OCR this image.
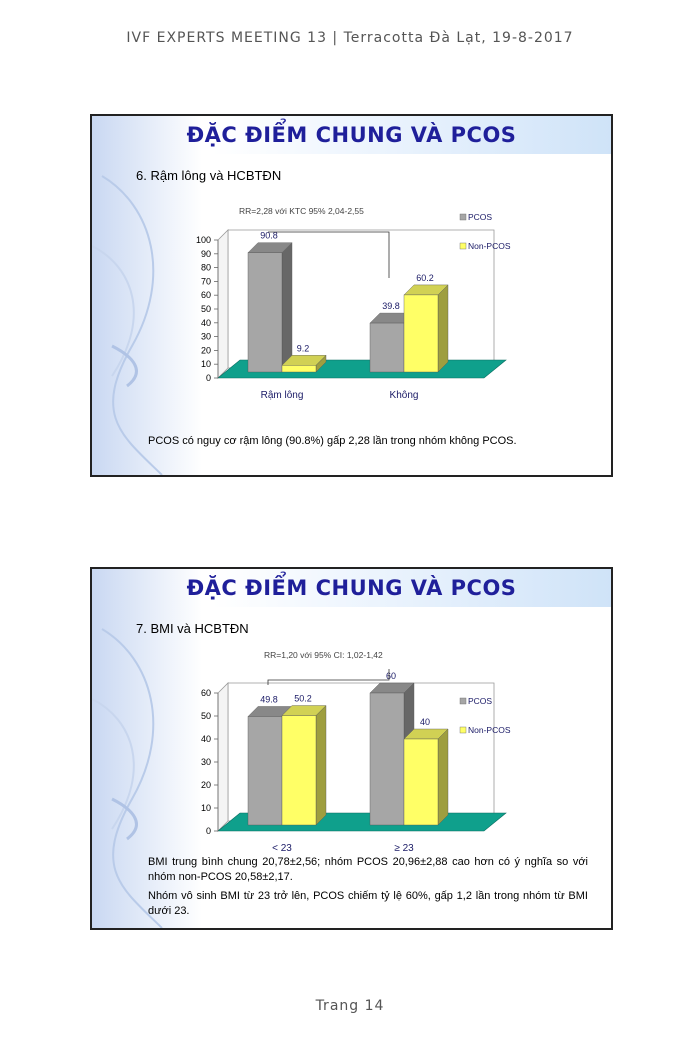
IVF EXPERTS MEETING 13 | Terracotta Đà Lạt, 19-8-2017
ĐẶC ĐIỂM CHUNG VÀ PCOS
6. Rậm lông và HCBTĐN
0
10
20
30
40
50
60
70
80
90
100	90.8
9.2
Rậm lông
39.8
60.2
Không
RR=2,28 với KTC 95% 2,04-2,55
PCOS
Non-PCOS
PCOS có nguy cơ rậm lông (90.8%) gấp 2,28 lần trong nhóm không PCOS.
ĐẶC ĐIỂM CHUNG VÀ PCOS
7. BMI và HCBTĐN
0
10
20
30
40
50
60
49.8 50.2
< 23
60
40
≥ 23
RR=1,20 với 95% CI: 1,02-1,42
PCOS
Non-PCOS

BMI trung bình chung 20,78±2,56; nhóm PCOS 20,96±2,88 cao hơn có ý nghĩa so với nhóm non-PCOS 20,58±2,17.

Nhóm vô sinh BMI từ 23 trở lên, PCOS chiếm tỷ lệ 60%, gấp 1,2 lần trong nhóm từ BMI dưới 23.

Trang 14
